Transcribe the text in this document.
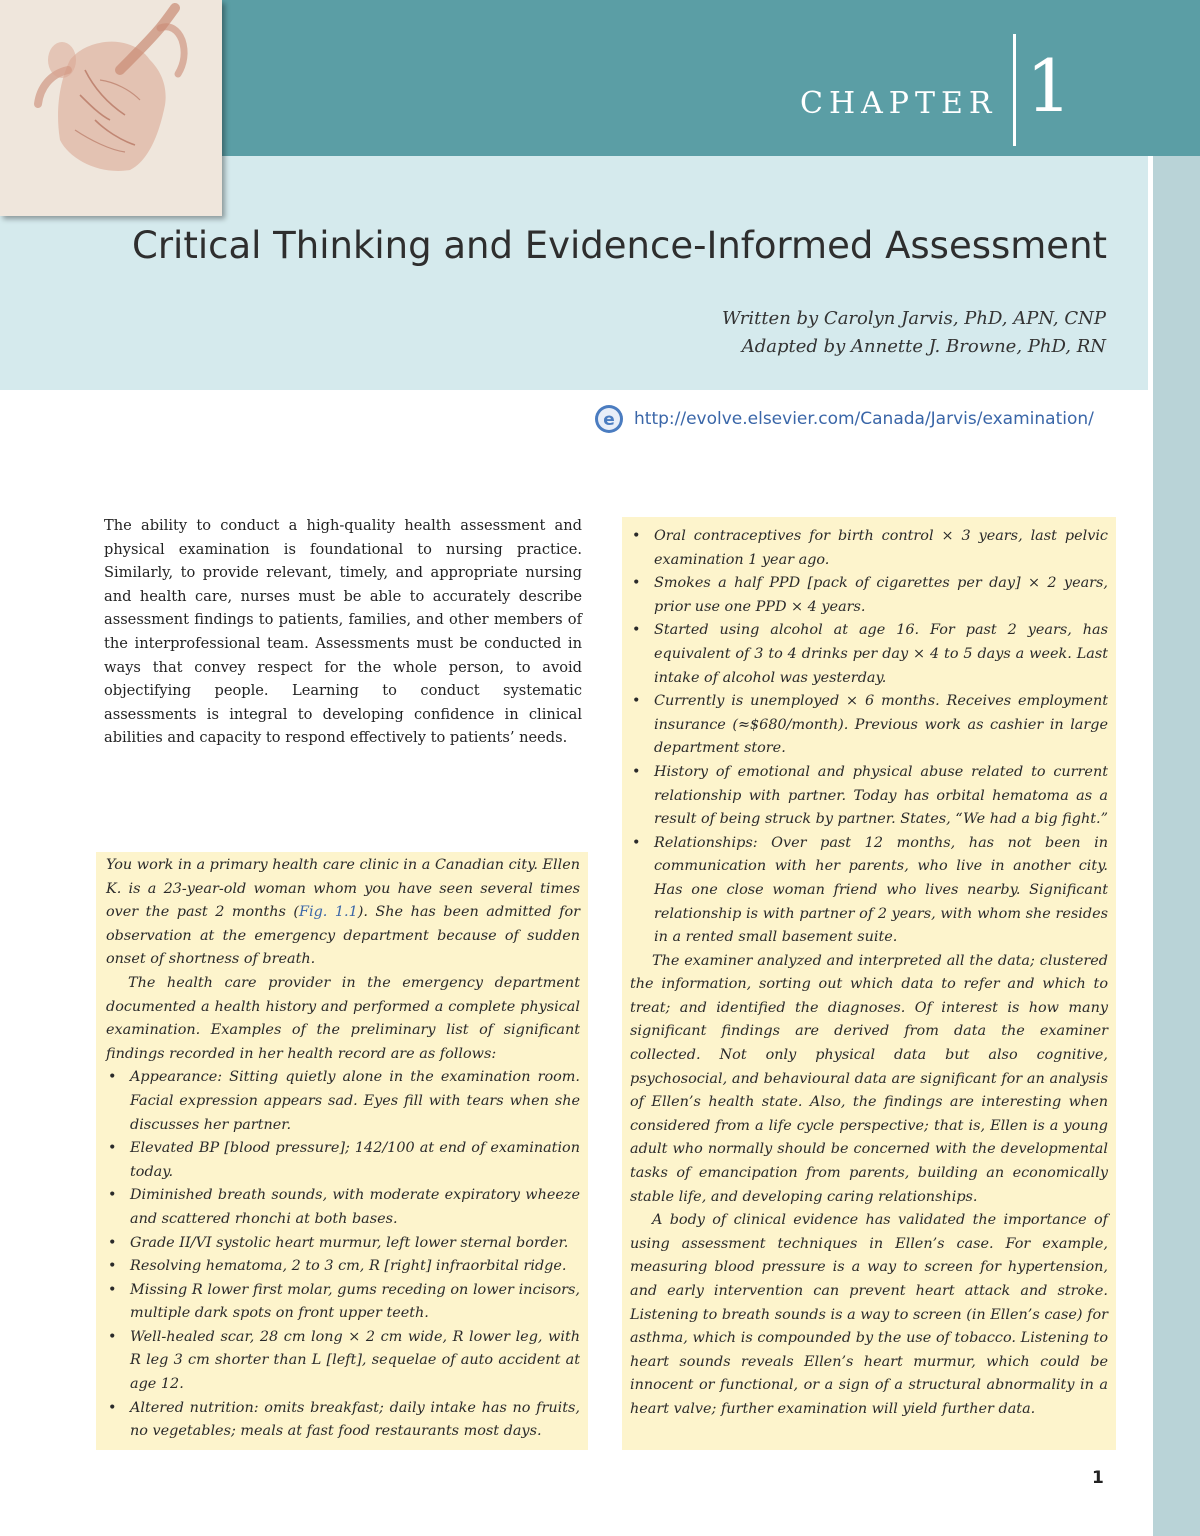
CHAPTER 1
Critical Thinking and Evidence-Informed Assessment
Written by Carolyn Jarvis, PhD, APN, CNP
Adapted by Annette J. Browne, PhD, RN
e http://evolve.elsevier.com/Canada/Jarvis/examination/

The ability to conduct a high-quality health assessment and physical examination is foundational to nursing practice. Similarly, to provide relevant, timely, and appropriate nursing and health care, nurses must be able to accurately describe assessment findings to patients, families, and other members of the interprofessional team. Assessments must be conducted in ways that convey respect for the whole person, to avoid objectifying people. Learning to conduct systematic assessments is integral to developing confidence in clinical abilities and capacity to respond effectively to patients’ needs.

You work in a primary health care clinic in a Canadian city. Ellen K. is a 23-year-old woman whom you have seen several times over the past 2 months (Fig. 1.1). She has been admitted for observation at the emergency department because of sudden onset of shortness of breath.

The health care provider in the emergency department documented a health history and performed a complete physical examination. Examples of the preliminary list of significant findings recorded in her health record are as follows:

• Appearance: Sitting quietly alone in the examination room. Facial expression appears sad. Eyes fill with tears when she discusses her partner.
• Elevated BP [blood pressure]; 142/100 at end of examination today.
• Diminished breath sounds, with moderate expiratory wheeze and scattered rhonchi at both bases.
• Grade II/VI systolic heart murmur, left lower sternal border.
• Resolving hematoma, 2 to 3 cm, R [right] infraorbital ridge.
• Missing R lower first molar, gums receding on lower incisors, multiple dark spots on front upper teeth.
• Well-healed scar, 28 cm long × 2 cm wide, R lower leg, with R leg 3 cm shorter than L [left], sequelae of auto accident at age 12.
• Altered nutrition: omits breakfast; daily intake has no fruits, no vegetables; meals at fast food restaurants most days.
• Oral contraceptives for birth control × 3 years, last pelvic examination 1 year ago.
• Smokes a half PPD [pack of cigarettes per day] × 2 years, prior use one PPD × 4 years.
• Started using alcohol at age 16. For past 2 years, has equivalent of 3 to 4 drinks per day × 4 to 5 days a week. Last intake of alcohol was yesterday.
• Currently is unemployed × 6 months. Receives employment insurance (≈$680/month). Previous work as cashier in large department store.
• History of emotional and physical abuse related to current relationship with partner. Today has orbital hematoma as a result of being struck by partner. States, “We had a big fight.”
• Relationships: Over past 12 months, has not been in communication with her parents, who live in another city. Has one close woman friend who lives nearby. Significant relationship is with partner of 2 years, with whom she resides in a rented small basement suite.

The examiner analyzed and interpreted all the data; clustered the information, sorting out which data to refer and which to treat; and identified the diagnoses. Of interest is how many significant findings are derived from data the examiner collected. Not only physical data but also cognitive, psychosocial, and behavioural data are significant for an analysis of Ellen’s health state. Also, the findings are interesting when considered from a life cycle perspective; that is, Ellen is a young adult who normally should be concerned with the developmental tasks of emancipation from parents, building an economically stable life, and developing caring relationships.

A body of clinical evidence has validated the importance of using assessment techniques in Ellen’s case. For example, measuring blood pressure is a way to screen for hypertension, and early intervention can prevent heart attack and stroke. Listening to breath sounds is a way to screen (in Ellen’s case) for asthma, which is compounded by the use of tobacco. Listening to heart sounds reveals Ellen’s heart murmur, which could be innocent or functional, or a sign of a structural abnormality in a heart valve; further examination will yield further data.

1
